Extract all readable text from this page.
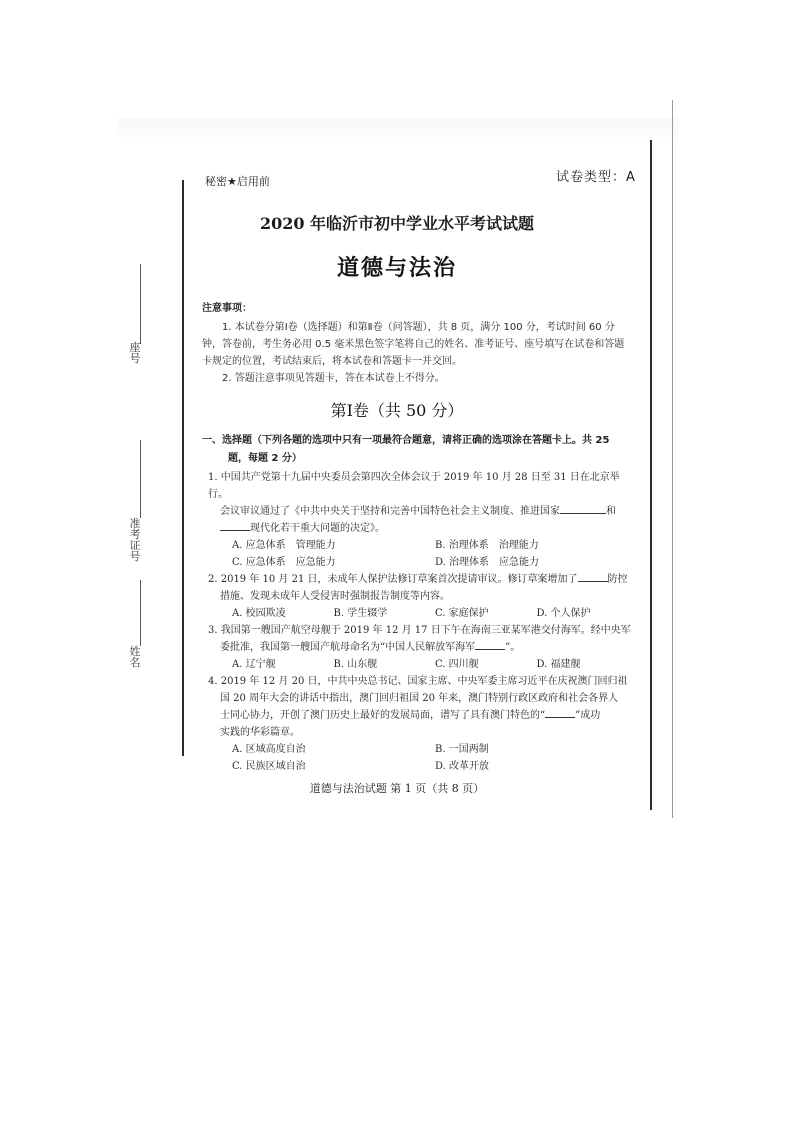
座
号
准
考
证
号
姓
名
秘密★启用前	试卷类型：A
2020 年临沂市初中学业水平考试试题
道德与法治
注意事项：

1. 本试卷分第Ⅰ卷（选择题）和第Ⅱ卷（问答题），共 8 页，满分 100 分，考试时间 60 分钟，答卷前，考生务必用 0.5 毫米黑色签字笔将自己的姓名、准考证号、座号填写在试卷和答题卡规定的位置，考试结束后，将本试卷和答题卡一并交回。

2. 答题注意事项见答题卡，答在本试卷上不得分。

第Ⅰ卷（共 50 分）
一、选择题（下列各题的选项中只有一项最符合题意，请将正确的选项涂在答题卡上。共 25
题，每题 2 分）
1. 中国共产党第十九届中央委员会第四次全体会议于 2019 年 10 月 28 日至 31 日在北京举行。
会议审议通过了《中共中央关于坚持和完善中国特色社会主义制度、推进国家	和
现代化若干重大问题的决定》。
A. 应急体系　管理能力	B. 治理体系　治理能力
C. 应急体系　应急能力	D. 治理体系　应急能力
2. 2019 年 10 月 21 日，未成年人保护法修订草案首次提请审议。修订草案增加了	防控
措施、发现未成年人受侵害时强制报告制度等内容。
A. 校园欺凌	B. 学生辍学	C. 家庭保护	D. 个人保护
3. 我国第一艘国产航空母舰于 2019 年 12 月 17 日下午在海南三亚某军港交付海军。经中央军
委批准，我国第一艘国产航母命名为“中国人民解放军海军	”。
A. 辽宁舰	B. 山东舰	C. 四川舰	D. 福建舰
4. 2019 年 12 月 20 日，中共中央总书记、国家主席、中央军委主席习近平在庆祝澳门回归祖
国 20 周年大会的讲话中指出，澳门回归祖国 20 年来，澳门特别行政区政府和社会各界人
士同心协力，开创了澳门历史上最好的发展局面，谱写了具有澳门特色的“	”成功
实践的华彩篇章。
A. 区域高度自治	B. 一国两制
C. 民族区域自治	D. 改革开放
道德与法治试题 第 1 页（共 8 页）
